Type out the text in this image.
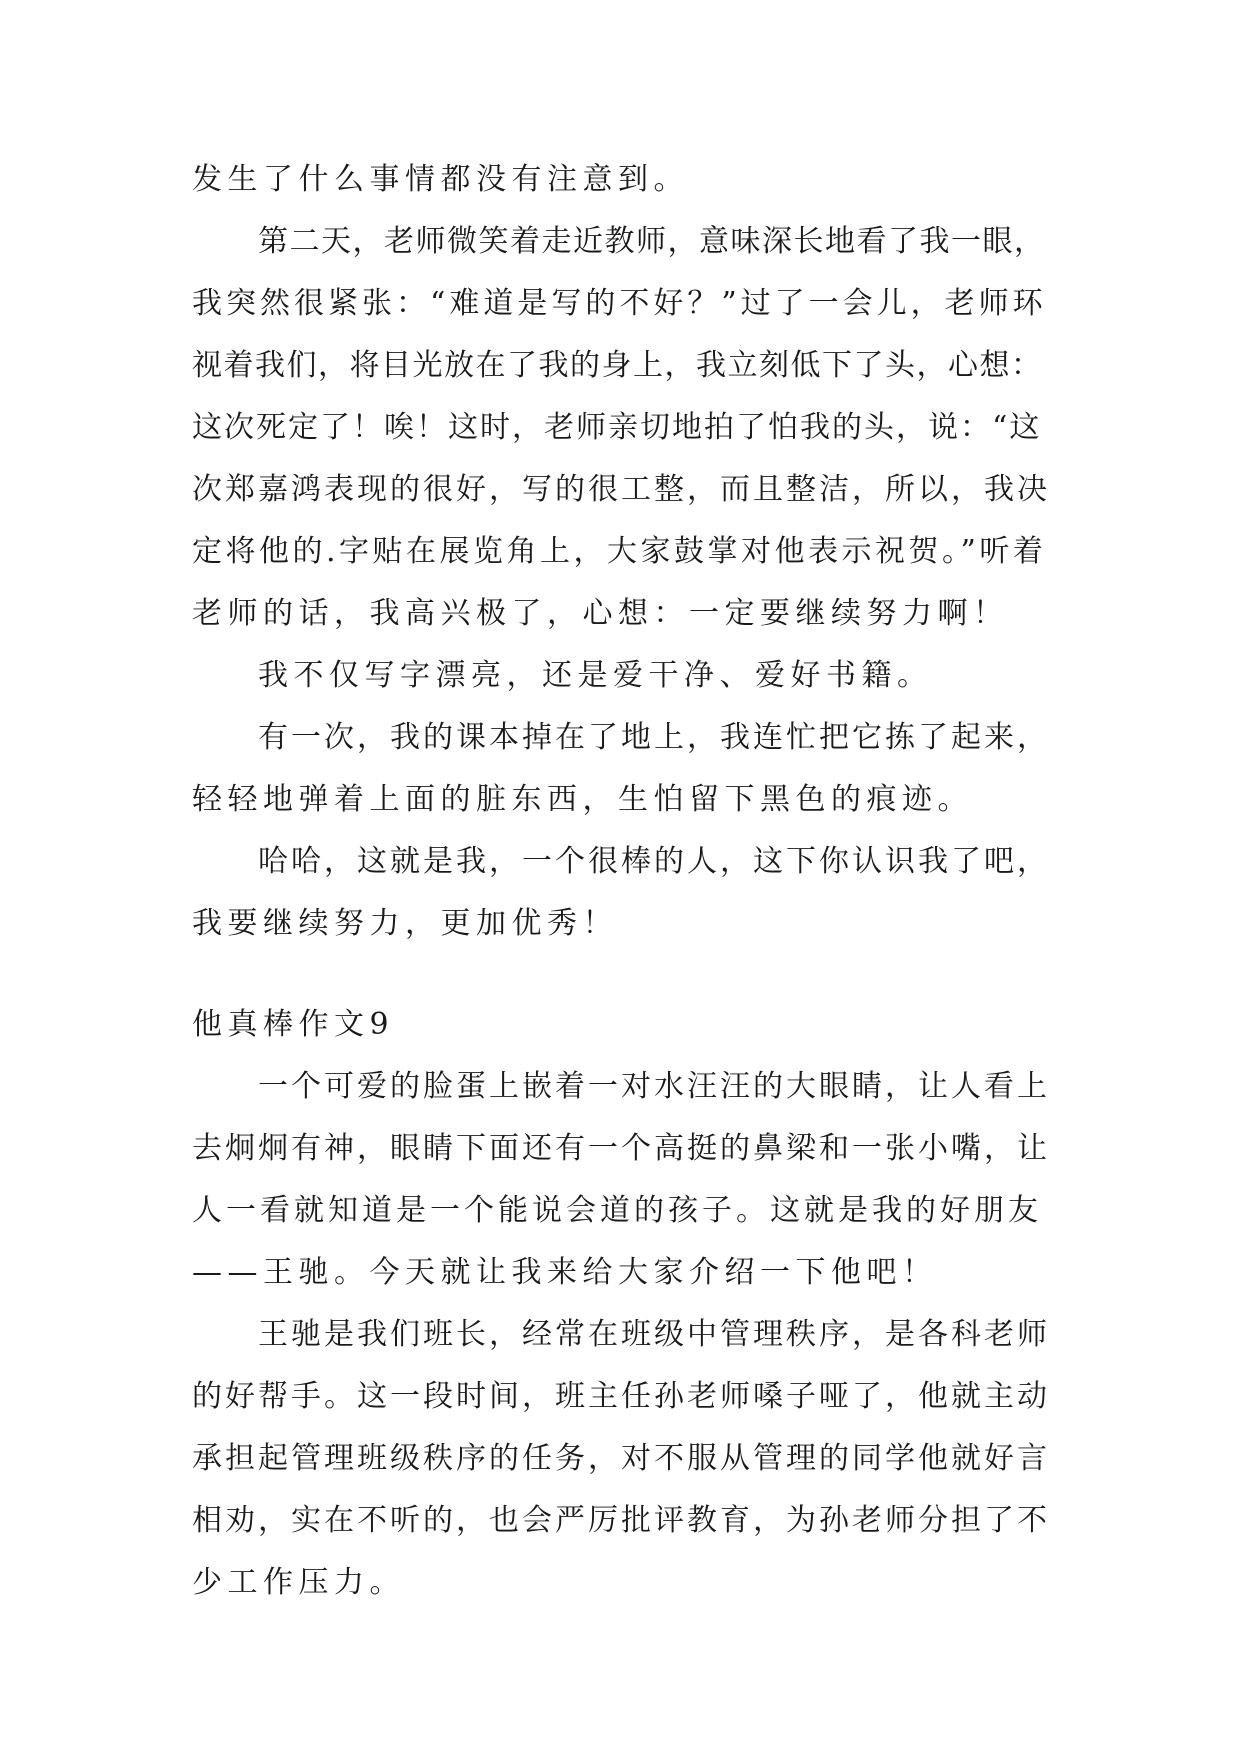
发生了什么事情都没有注意到。
第二天，老师微笑着走近教师，意味深长地看了我一眼，
我突然很紧张：“难道是写的不好？”过了一会儿，老师环
视着我们，将目光放在了我的身上，我立刻低下了头，心想：
这次死定了！唉！这时，老师亲切地拍了怕我的头，说：“这
次郑嘉鸿表现的很好，写的很工整，而且整洁，所以，我决
定将他的.字贴在展览角上，大家鼓掌对他表示祝贺。”听着
老师的话，我高兴极了，心想：一定要继续努力啊！
我不仅写字漂亮，还是爱干净、爱好书籍。
有一次，我的课本掉在了地上，我连忙把它拣了起来，
轻轻地弹着上面的脏东西，生怕留下黑色的痕迹。
哈哈，这就是我，一个很棒的人，这下你认识我了吧，
我要继续努力，更加优秀！
他真棒作文9
一个可爱的脸蛋上嵌着一对水汪汪的大眼睛，让人看上
去炯炯有神，眼睛下面还有一个高挺的鼻梁和一张小嘴，让
人一看就知道是一个能说会道的孩子。这就是我的好朋友
——王驰。今天就让我来给大家介绍一下他吧！
王驰是我们班长，经常在班级中管理秩序，是各科老师
的好帮手。这一段时间，班主任孙老师嗓子哑了，他就主动
承担起管理班级秩序的任务，对不服从管理的同学他就好言
相劝，实在不听的，也会严厉批评教育，为孙老师分担了不
少工作压力。
